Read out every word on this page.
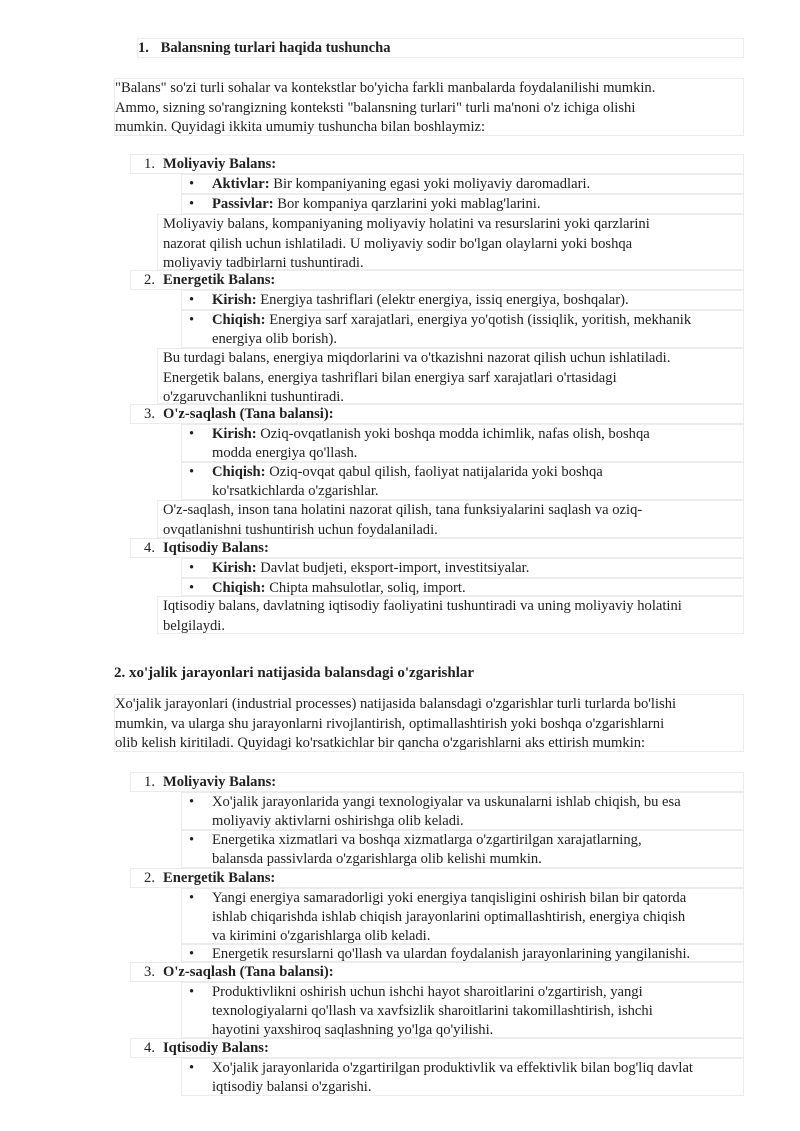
1. Balansning turlari haqida tushuncha
"Balans" so'zi turli sohalar va kontekstlar bo'yicha farkli manbalarda foydalanilishi mumkin.
Ammo, sizning so'rangizning konteksti "balansning turlari" turli ma'noni o'z ichiga olishi
mumkin. Quyidagi ikkita umumiy tushuncha bilan boshlaymiz:
1. Moliyaviy Balans:
• Aktivlar: Bir kompaniyaning egasi yoki moliyaviy daromadlari.
• Passivlar: Bor kompaniya qarzlarini yoki mablag'larini.
Moliyaviy balans, kompaniyaning moliyaviy holatini va resurslarini yoki qarzlarini
nazorat qilish uchun ishlatiladi. U moliyaviy sodir bo'lgan olaylarni yoki boshqa
moliyaviy tadbirlarni tushuntiradi.
2. Energetik Balans:
• Kirish: Energiya tashriflari (elektr energiya, issiq energiya, boshqalar).
• Chiqish: Energiya sarf xarajatlari, energiya yo'qotish (issiqlik, yoritish, mekhanik
energiya olib borish).
Bu turdagi balans, energiya miqdorlarini va o'tkazishni nazorat qilish uchun ishlatiladi.
Energetik balans, energiya tashriflari bilan energiya sarf xarajatlari o'rtasidagi
o'zgaruvchanlikni tushuntiradi.
3. O'z-saqlash (Tana balansi):
• Kirish: Oziq-ovqatlanish yoki boshqa modda ichimlik, nafas olish, boshqa
modda energiya qo'llash.
• Chiqish: Oziq-ovqat qabul qilish, faoliyat natijalarida yoki boshqa
ko'rsatkichlarda o'zgarishlar.
O'z-saqlash, inson tana holatini nazorat qilish, tana funksiyalarini saqlash va oziq-
ovqatlanishni tushuntirish uchun foydalaniladi.
4. Iqtisodiy Balans:
• Kirish: Davlat budjeti, eksport-import, investitsiyalar.
• Chiqish: Chipta mahsulotlar, soliq, import.
Iqtisodiy balans, davlatning iqtisodiy faoliyatini tushuntiradi va uning moliyaviy holatini
belgilaydi.
2. xo'jalik jarayonlari natijasida balansdagi o'zgarishlar
Xo'jalik jarayonlari (industrial processes) natijasida balansdagi o'zgarishlar turli turlarda bo'lishi
mumkin, va ularga shu jarayonlarni rivojlantirish, optimallashtirish yoki boshqa o'zgarishlarni
olib kelish kiritiladi. Quyidagi ko'rsatkichlar bir qancha o'zgarishlarni aks ettirish mumkin:
1. Moliyaviy Balans:
• Xo'jalik jarayonlarida yangi texnologiyalar va uskunalarni ishlab chiqish, bu esa
moliyaviy aktivlarni oshirishga olib keladi.
• Energetika xizmatlari va boshqa xizmatlarga o'zgartirilgan xarajatlarning,
balansda passivlarda o'zgarishlarga olib kelishi mumkin.
2. Energetik Balans:
• Yangi energiya samaradorligi yoki energiya tanqisligini oshirish bilan bir qatorda
ishlab chiqarishda ishlab chiqish jarayonlarini optimallashtirish, energiya chiqish
va kirimini o'zgarishlarga olib keladi.
• Energetik resurslarni qo'llash va ulardan foydalanish jarayonlarining yangilanishi.
3. O'z-saqlash (Tana balansi):
• Produktivlikni oshirish uchun ishchi hayot sharoitlarini o'zgartirish, yangi
texnologiyalarni qo'llash va xavfsizlik sharoitlarini takomillashtirish, ishchi
hayotini yaxshiroq saqlashning yo'lga qo'yilishi.
4. Iqtisodiy Balans:
• Xo'jalik jarayonlarida o'zgartirilgan produktivlik va effektivlik bilan bog'liq davlat
iqtisodiy balansi o'zgarishi.
